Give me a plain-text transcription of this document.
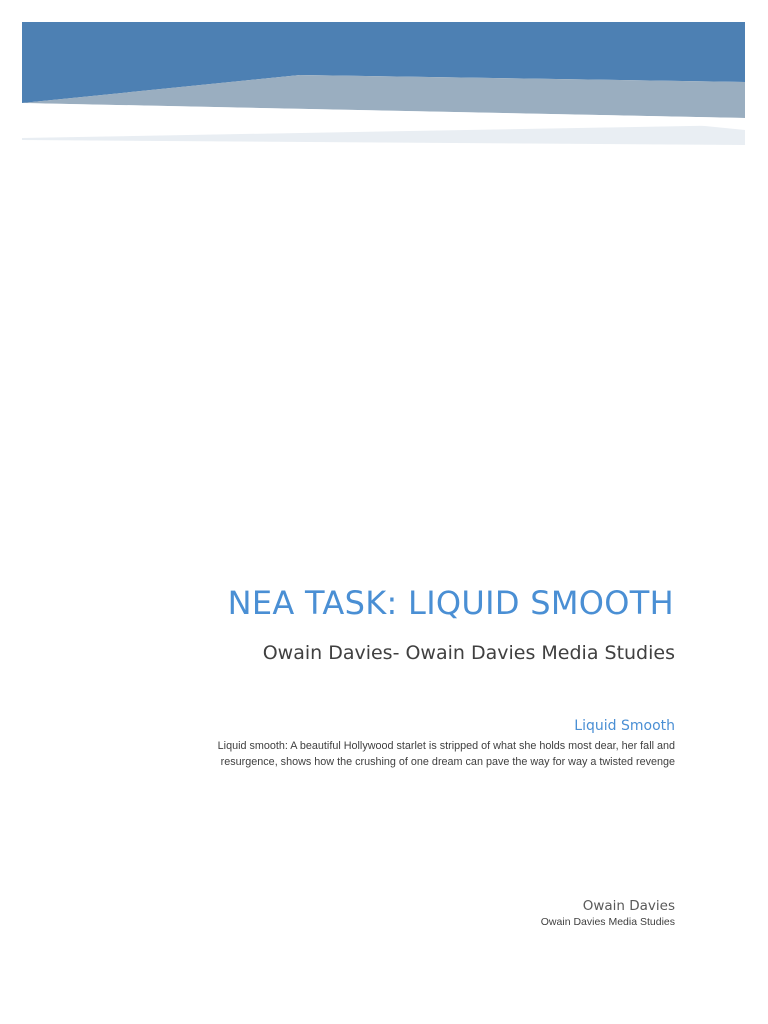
NEA TASK: LIQUID SMOOTH
Owain Davies- Owain Davies Media Studies
Liquid Smooth
Liquid smooth: A beautiful Hollywood starlet is stripped of what she holds most dear, her fall and resurgence, shows how the crushing of one dream can pave the way for way a twisted revenge
Owain Davies
Owain Davies Media Studies
